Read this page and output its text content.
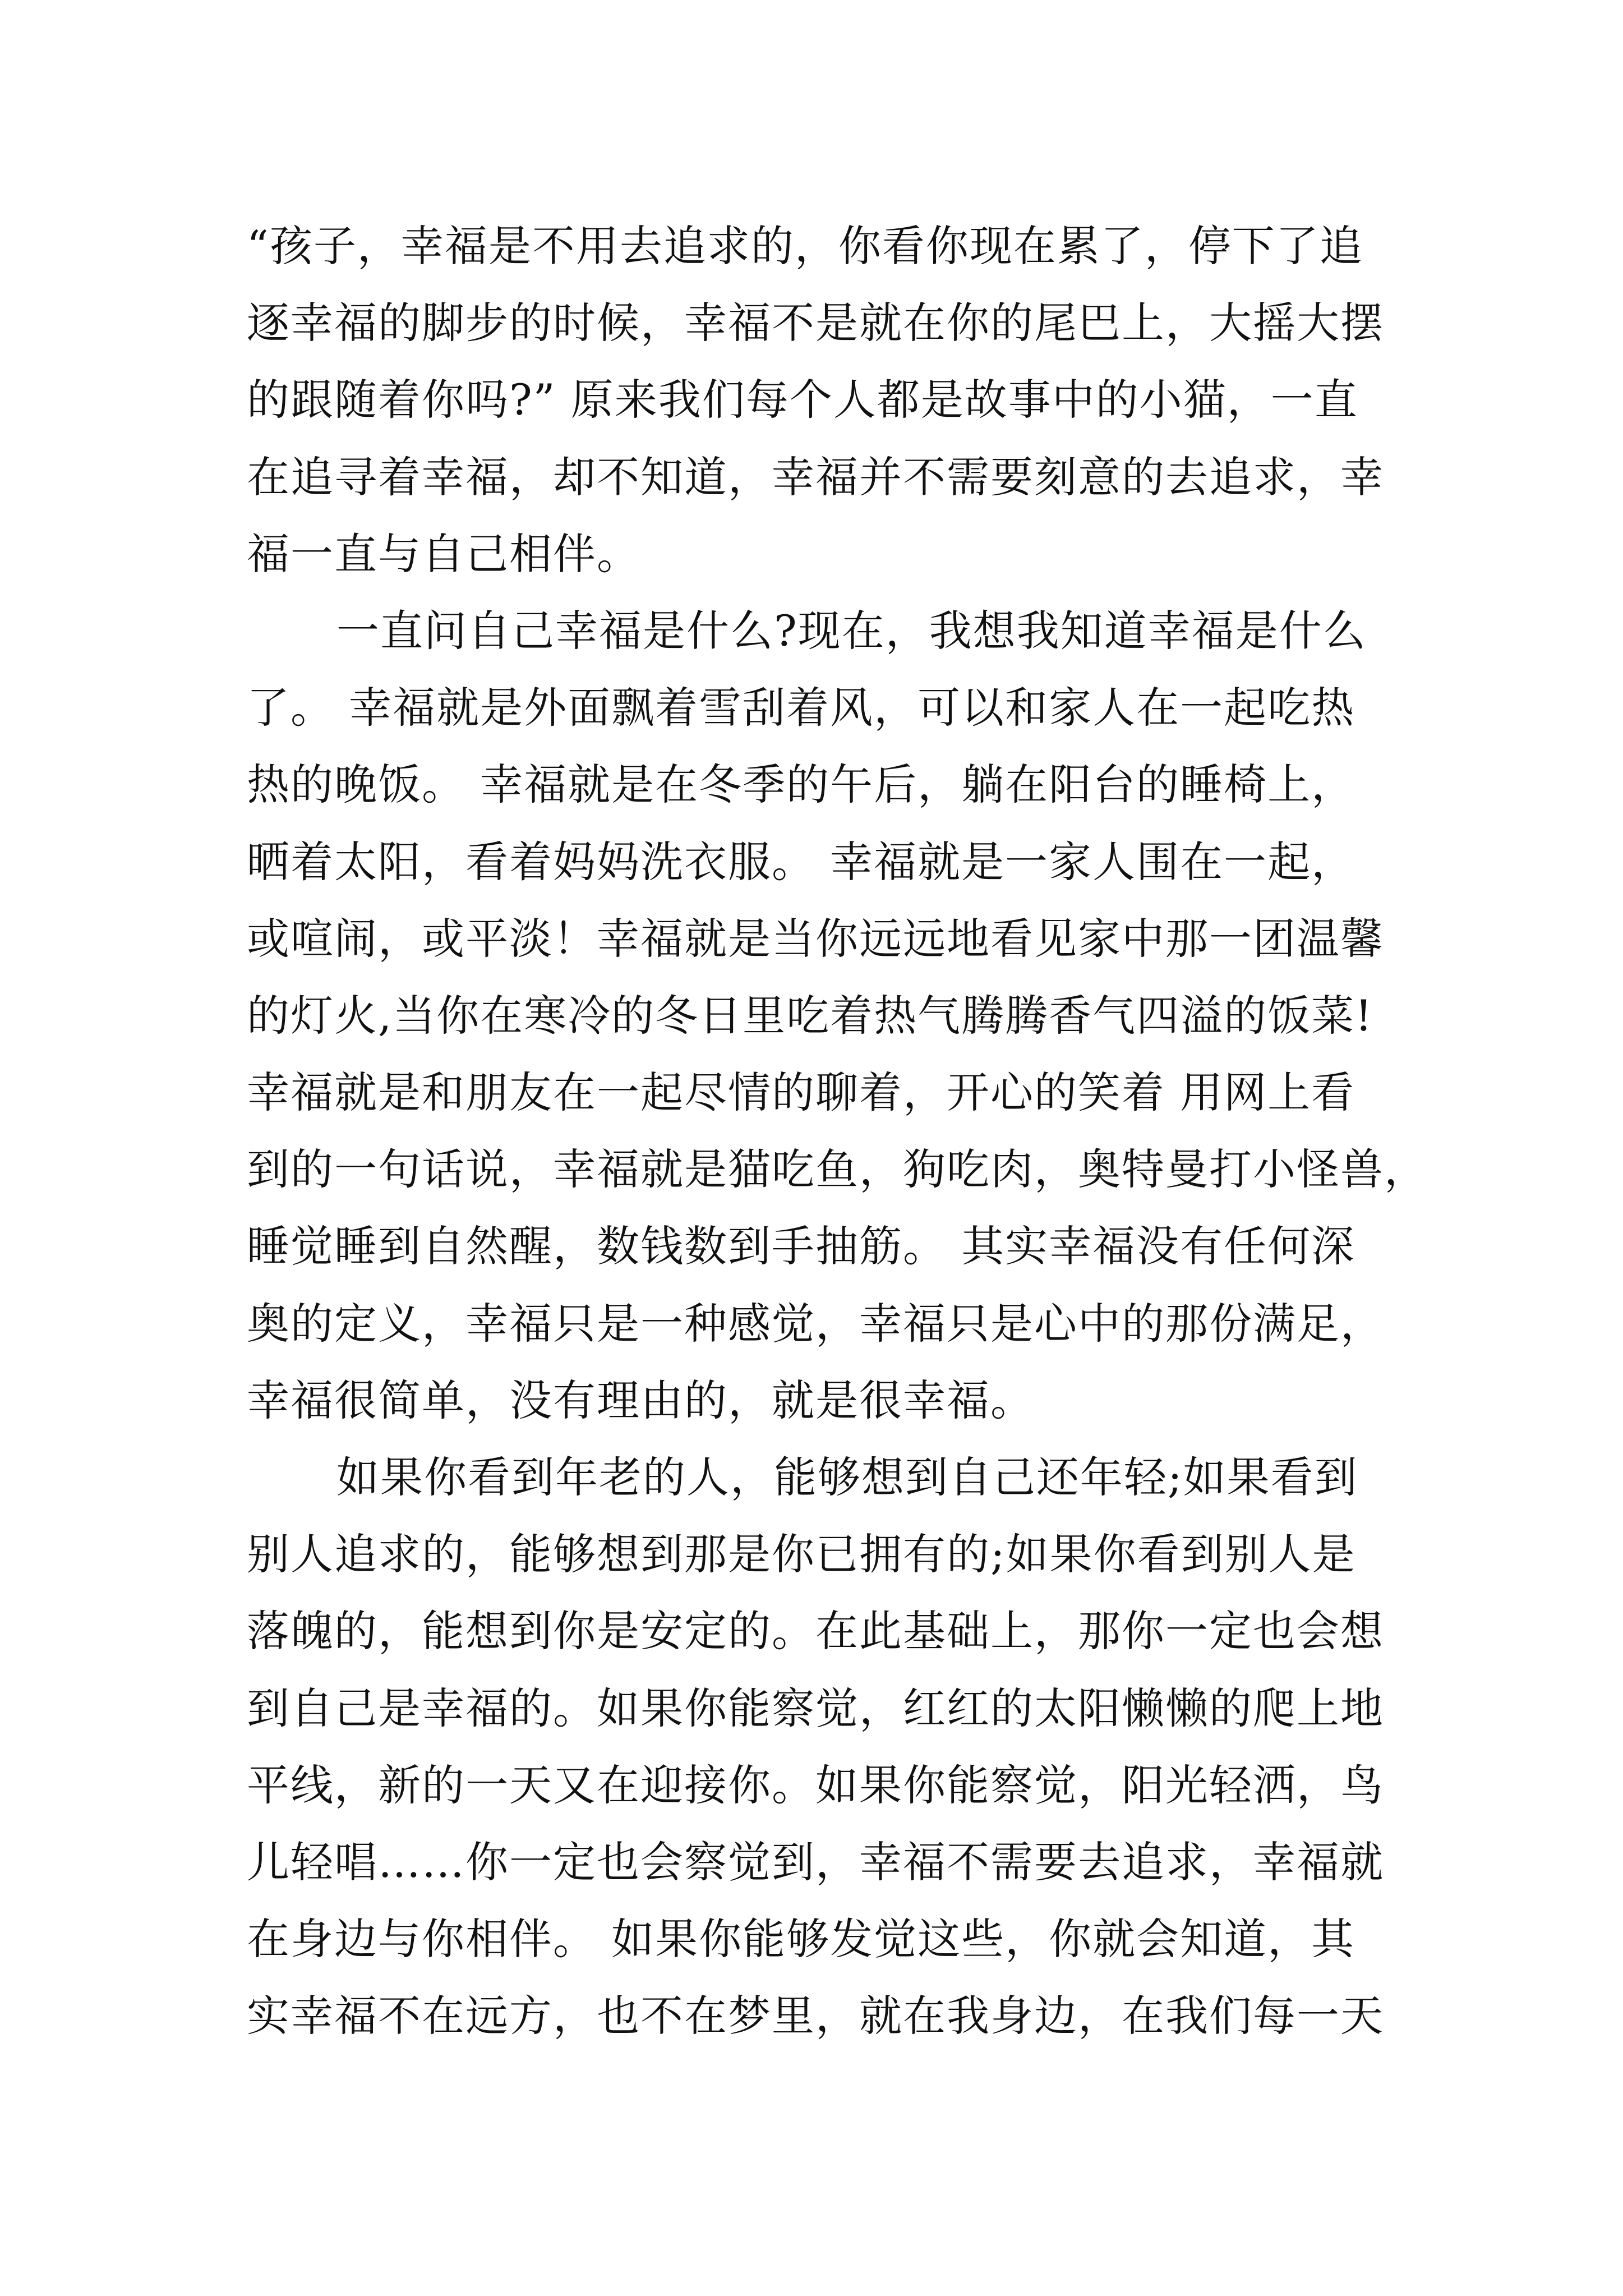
“孩子，幸福是不用去追求的，你看你现在累了，停下了追
逐幸福的脚步的时候，幸福不是就在你的尾巴上，大摇大摆
的跟随着你吗?” 原来我们每个人都是故事中的小猫，一直
在追寻着幸福，却不知道，幸福并不需要刻意的去追求，幸
福一直与自己相伴。
一直问自己幸福是什么?现在，我想我知道幸福是什么
了。 幸福就是外面飘着雪刮着风，可以和家人在一起吃热
热的晚饭。 幸福就是在冬季的午后，躺在阳台的睡椅上，
晒着太阳，看着妈妈洗衣服。 幸福就是一家人围在一起，
或喧闹，或平淡！幸福就是当你远远地看见家中那一团温馨
的灯火,当你在寒冷的冬日里吃着热气腾腾香气四溢的饭菜!
幸福就是和朋友在一起尽情的聊着，开心的笑着 用网上看
到的一句话说，幸福就是猫吃鱼，狗吃肉，奥特曼打小怪兽，
睡觉睡到自然醒，数钱数到手抽筋。 其实幸福没有任何深
奥的定义，幸福只是一种感觉，幸福只是心中的那份满足，
幸福很简单，没有理由的，就是很幸福。
如果你看到年老的人，能够想到自己还年轻;如果看到
别人追求的，能够想到那是你已拥有的;如果你看到别人是
落魄的，能想到你是安定的。在此基础上，那你一定也会想
到自己是幸福的。如果你能察觉，红红的太阳懒懒的爬上地
平线，新的一天又在迎接你。如果你能察觉，阳光轻洒，鸟
儿轻唱……你一定也会察觉到，幸福不需要去追求，幸福就
在身边与你相伴。 如果你能够发觉这些，你就会知道，其
实幸福不在远方，也不在梦里，就在我身边，在我们每一天
